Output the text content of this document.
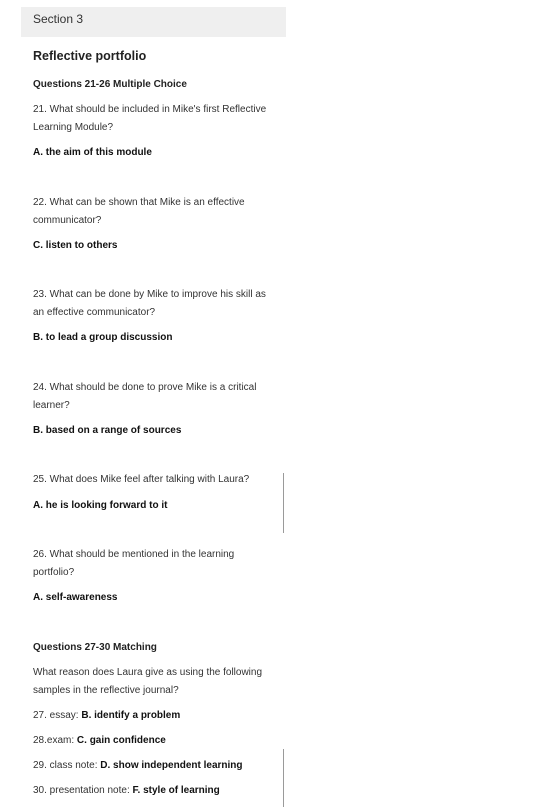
Section 3
Reflective portfolio
Questions 21-26 Multiple Choice
21. What should be included in Mike's first Reflective Learning Module?
A. the aim of this module
22. What can be shown that Mike is an effective communicator?
C. listen to others
23. What can be done by Mike to improve his skill as an effective communicator?
B. to lead a group discussion
24. What should be done to prove Mike is a critical learner?
B. based on a range of sources
25. What does Mike feel after talking with Laura?
A. he is looking forward to it
26. What should be mentioned in the learning portfolio?
A. self-awareness
Questions 27-30 Matching
What reason does Laura give as using the following samples in the reflective journal?
27. essay: B. identify a problem
28.exam: C. gain confidence
29. class note: D. show independent learning
30. presentation note: F. style of learning
